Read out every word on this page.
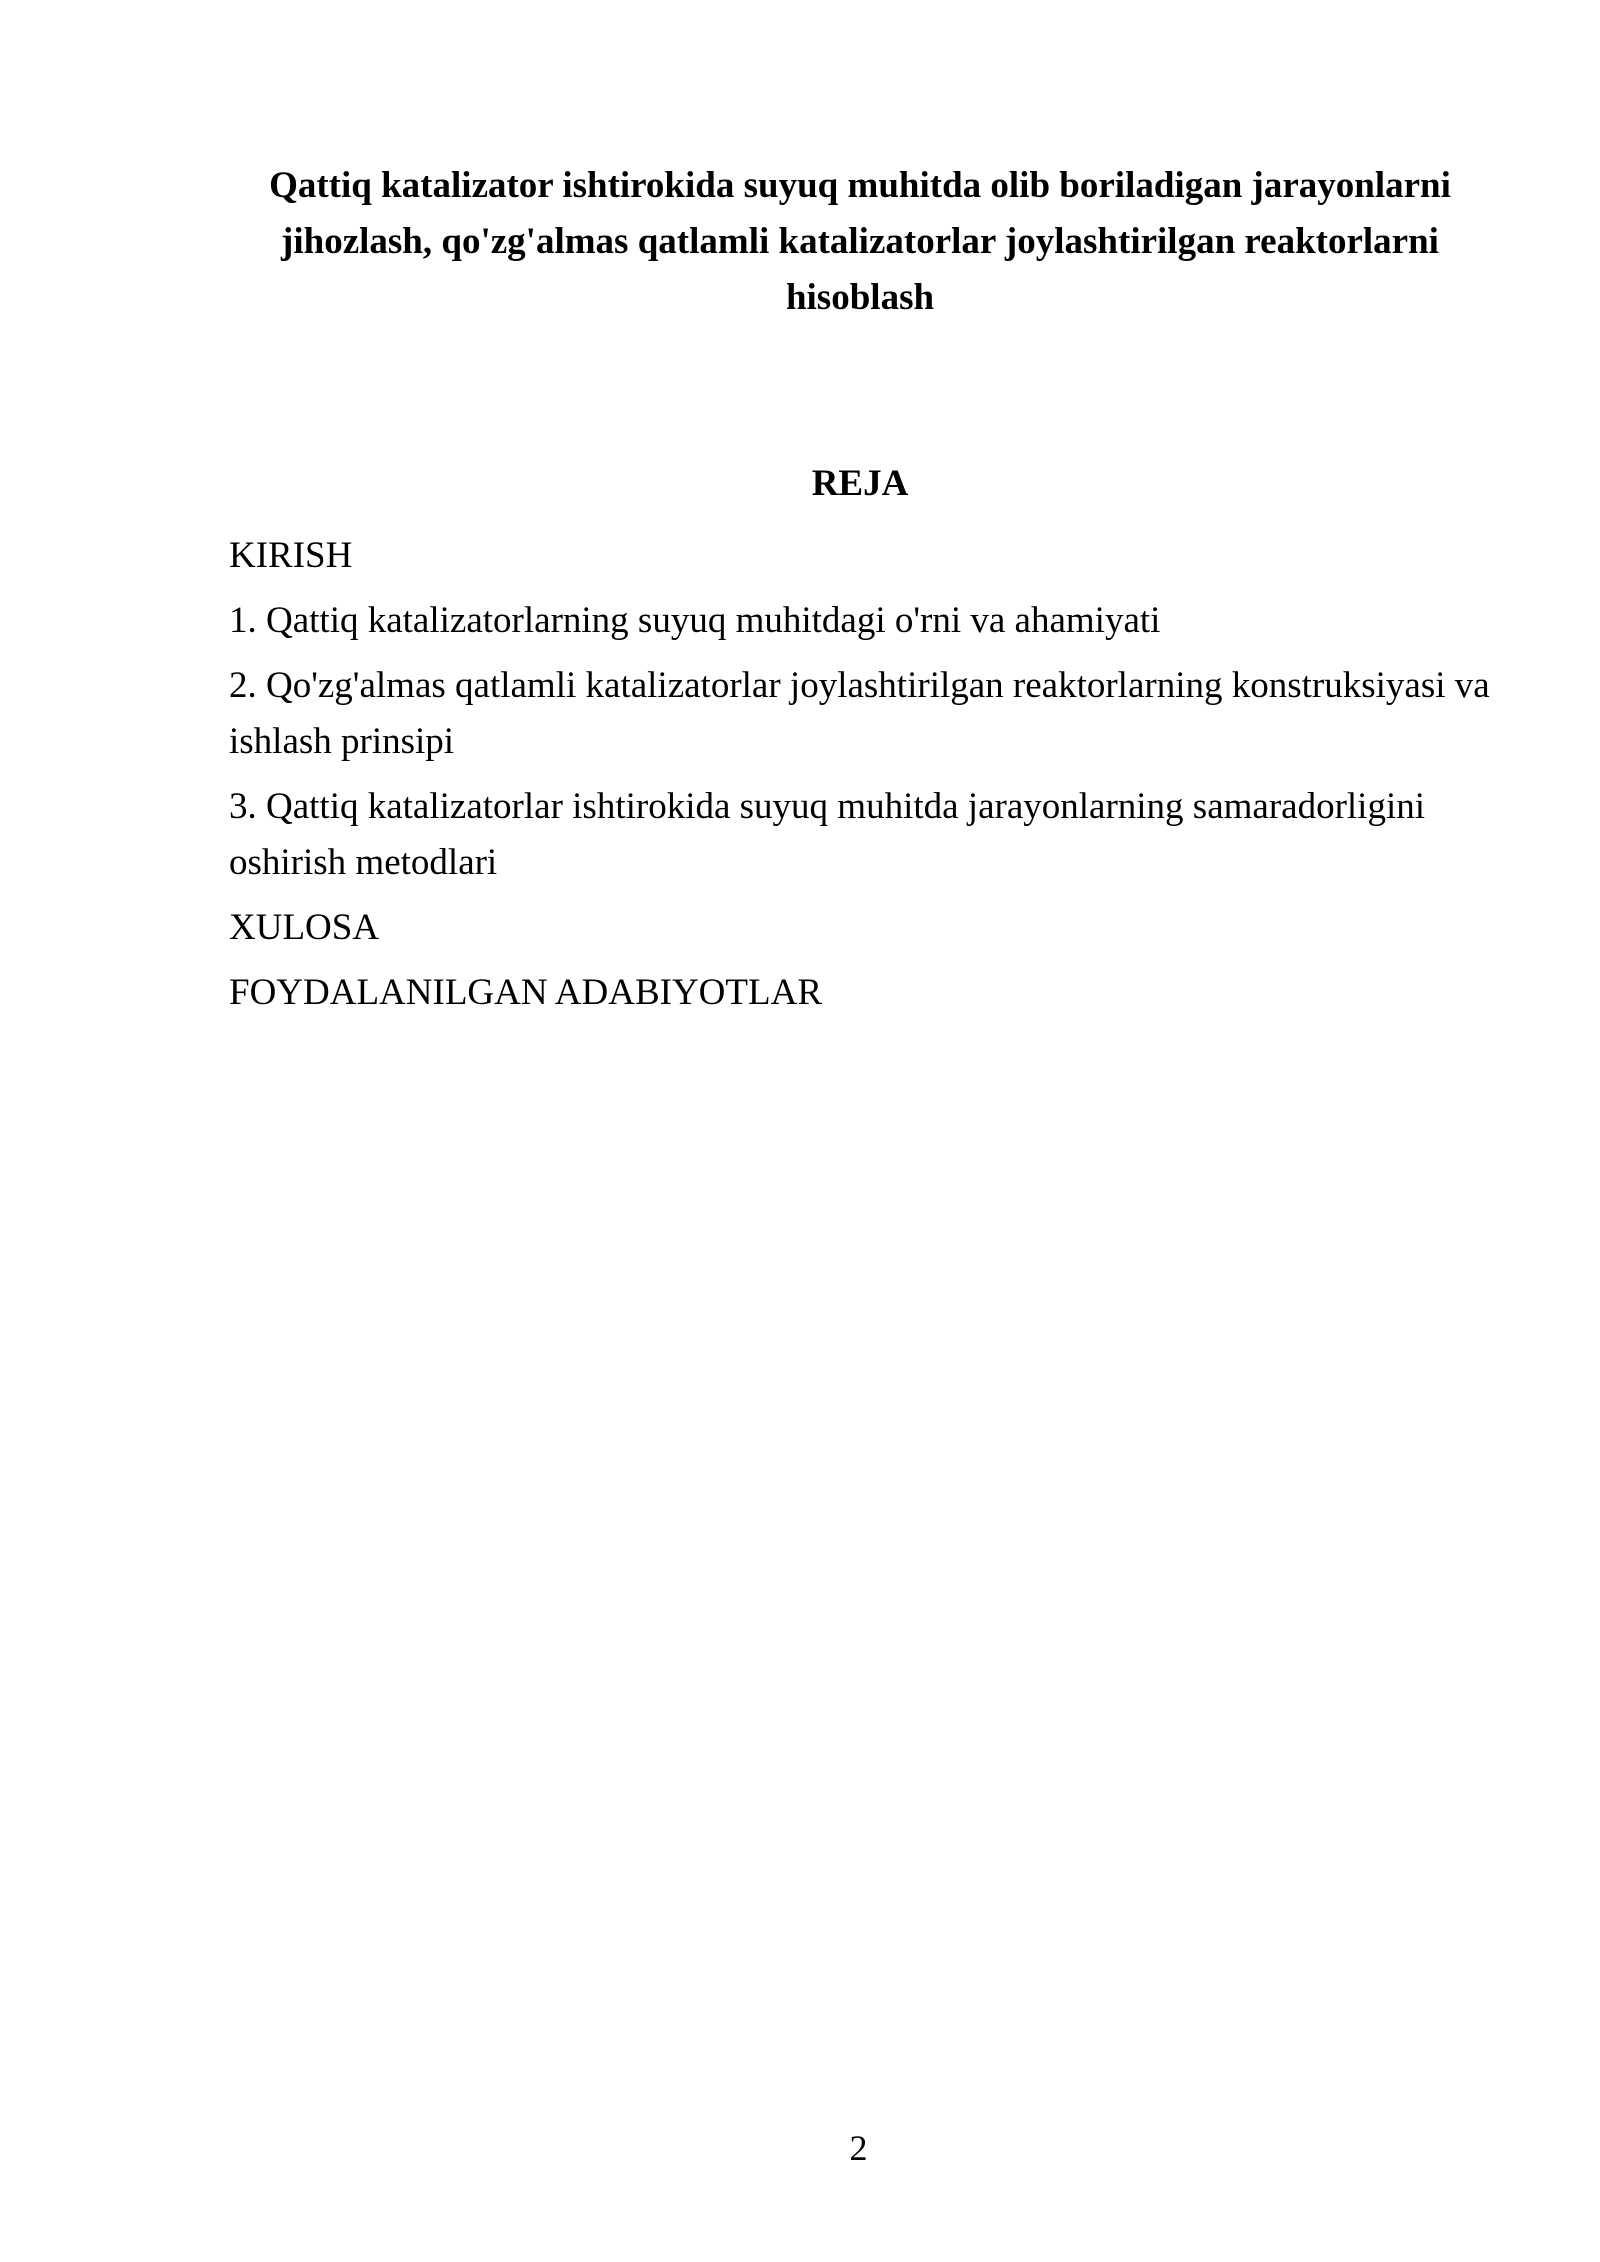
Qattiq katalizator ishtirokida suyuq muhitda olib boriladigan jarayonlarni jihozlash, qo'zg'almas qatlamli katalizatorlar joylashtirilgan reaktorlarni hisoblash
REJA
KIRISH
1. Qattiq katalizatorlarning suyuq muhitdagi o'rni va ahamiyati
2. Qo'zg'almas qatlamli katalizatorlar joylashtirilgan reaktorlarning konstruksiyasi va ishlash prinsipi
3. Qattiq katalizatorlar ishtirokida suyuq muhitda jarayonlarning samaradorligini oshirish metodlari
XULOSA
FOYDALANILGAN ADABIYOTLAR
2
